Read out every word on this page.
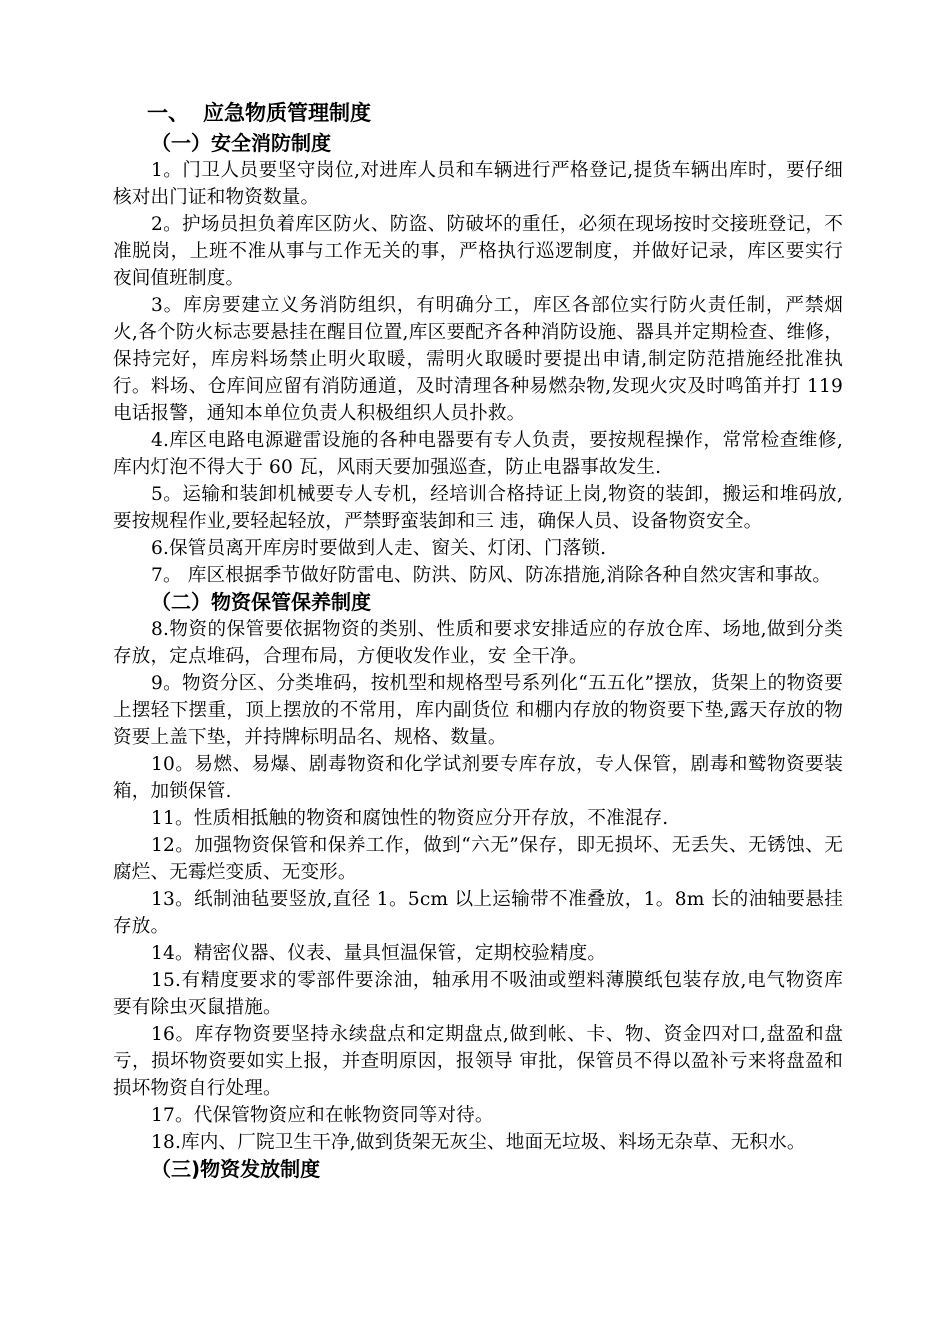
一、 应急物质管理制度
（一）安全消防制度

1。门卫人员要坚守岗位,对进库人员和车辆进行严格登记,提货车辆出库时，要仔细核对出门证和物资数量。

2。护场员担负着库区防火、防盗、防破坏的重任，必须在现场按时交接班登记，不准脱岗，上班不准从事与工作无关的事，严格执行巡逻制度，并做好记录，库区要实行夜间值班制度。

3。库房要建立义务消防组织，有明确分工，库区各部位实行防火责任制，严禁烟火,各个防火标志要悬挂在醒目位置,库区要配齐各种消防设施、器具并定期检查、维修，保持完好，库房料场禁止明火取暖，需明火取暖时要提出申请,制定防范措施经批准执行。料场、仓库间应留有消防通道，及时清理各种易燃杂物,发现火灾及时鸣笛并打 119 电话报警，通知本单位负责人积极组织人员扑救。

4.库区电路电源避雷设施的各种电器要有专人负责，要按规程操作，常常检查维修,库内灯泡不得大于 60 瓦，风雨天要加强巡查，防止电器事故发生.

5。运输和装卸机械要专人专机，经培训合格持证上岗,物资的装卸，搬运和堆码放,要按规程作业,要轻起轻放，严禁野蛮装卸和三 违，确保人员、设备物资安全。

6.保管员离开库房时要做到人走、窗关、灯闭、门落锁.

7。 库区根据季节做好防雷电、防洪、防风、防冻措施,消除各种自然灾害和事故。

（二）物资保管保养制度

8.物资的保管要依据物资的类别、性质和要求安排适应的存放仓库、场地,做到分类存放，定点堆码，合理布局，方便收发作业，安 全干净。

9。物资分区、分类堆码，按机型和规格型号系列化“五五化”摆放，货架上的物资要上摆轻下摆重，顶上摆放的不常用，库内副货位 和棚内存放的物资要下垫,露天存放的物资要上盖下垫，并持牌标明品名、规格、数量。

10。易燃、易爆、剧毒物资和化学试剂要专库存放，专人保管，剧毒和鹫物资要装箱，加锁保管.

11。性质相抵触的物资和腐蚀性的物资应分开存放，不准混存.

12。加强物资保管和保养工作，做到“六无”保存，即无损坏、无丢失、无锈蚀、无腐烂、无霉烂变质、无变形。

13。纸制油毡要竖放,直径 1。5cm 以上运输带不准叠放，1。8m 长的油轴要悬挂存放。

14。精密仪器、仪表、量具恒温保管，定期校验精度。

15.有精度要求的零部件要涂油，轴承用不吸油或塑料薄膜纸包装存放,电气物资库要有除虫灭鼠措施。

16。库存物资要坚持永续盘点和定期盘点,做到帐、卡、物、资金四对口,盘盈和盘亏，损坏物资要如实上报，并查明原因，报领导 审批，保管员不得以盈补亏来将盘盈和损坏物资自行处理。

17。代保管物资应和在帐物资同等对待。

18.库内、厂院卫生干净,做到货架无灰尘、地面无垃圾、料场无杂草、无积水。

（三)物资发放制度
